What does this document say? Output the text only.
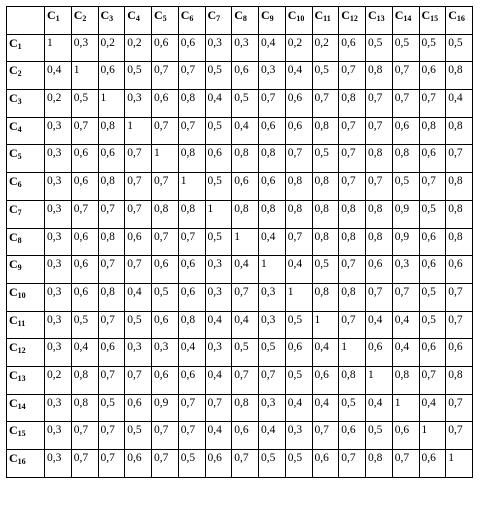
	$C_1$	$C_2$	$C_3$	$C_4$	$C_5$	$C_6$	$C_7$	$C_8$	$C_9$	$C_{10}$	$C_{11}$	$C_{12}$	$C_{13}$	$C_{14}$	$C_{15}$	$C_{16}$
$C_1$	1	0,3	0,2	0,2	0,6	0,6	0,3	0,3	0,4	0,2	0,2	0,6	0,5	0,5	0,5	0,5
$C_2$	0,4	1	0,6	0,5	0,7	0,7	0,5	0,6	0,3	0,4	0,5	0,7	0,8	0,7	0,6	0,8
$C_3$	0,2	0,5	1	0,3	0,6	0,8	0,4	0,5	0,7	0,6	0,7	0,8	0,7	0,7	0,7	0,4
$C_4$	0,3	0,7	0,8	1	0,7	0,7	0,5	0,4	0,6	0,6	0,8	0,7	0,7	0,6	0,8	0,8
$C_5$	0,3	0,6	0,6	0,7	1	0,8	0,6	0,8	0,8	0,7	0,5	0,7	0,8	0,8	0,6	0,7
$C_6$	0,3	0,6	0,8	0,7	0,7	1	0,5	0,6	0,6	0,8	0,8	0,7	0,7	0,5	0,7	0,8
$C_7$	0,3	0,7	0,7	0,7	0,8	0,8	1	0,8	0,8	0,8	0,8	0,8	0,8	0,9	0,5	0,8
$C_8$	0,3	0,6	0,8	0,6	0,7	0,7	0,5	1	0,4	0,7	0,8	0,8	0,8	0,9	0,6	0,8
$C_9$	0,3	0,6	0,7	0,7	0,6	0,6	0,3	0,4	1	0,4	0,5	0,7	0,6	0,3	0,6	0,6
$C_{10}$	0,3	0,6	0,8	0,4	0,5	0,6	0,3	0,7	0,3	1	0,8	0,8	0,7	0,7	0,5	0,7
$C_{11}$	0,3	0,5	0,7	0,5	0,6	0,8	0,4	0,4	0,3	0,5	1	0,7	0,4	0,4	0,5	0,7
$C_{12}$	0,3	0,4	0,6	0,3	0,3	0,4	0,3	0,5	0,5	0,6	0,4	1	0,6	0,4	0,6	0,6
$C_{13}$	0,2	0,8	0,7	0,7	0,6	0,6	0,4	0,7	0,7	0,5	0,6	0,8	1	0,8	0,7	0,8
$C_{14}$	0,3	0,8	0,5	0,6	0,9	0,7	0,7	0,8	0,3	0,4	0,4	0,5	0,4	1	0,4	0,7
$C_{15}$	0,3	0,7	0,7	0,5	0,7	0,7	0,4	0,6	0,4	0,3	0,7	0,6	0,5	0,6	1	0,7
$C_{16}$	0,3	0,7	0,7	0,6	0,7	0,5	0,6	0,7	0,5	0,5	0,6	0,7	0,8	0,7	0,6	1
